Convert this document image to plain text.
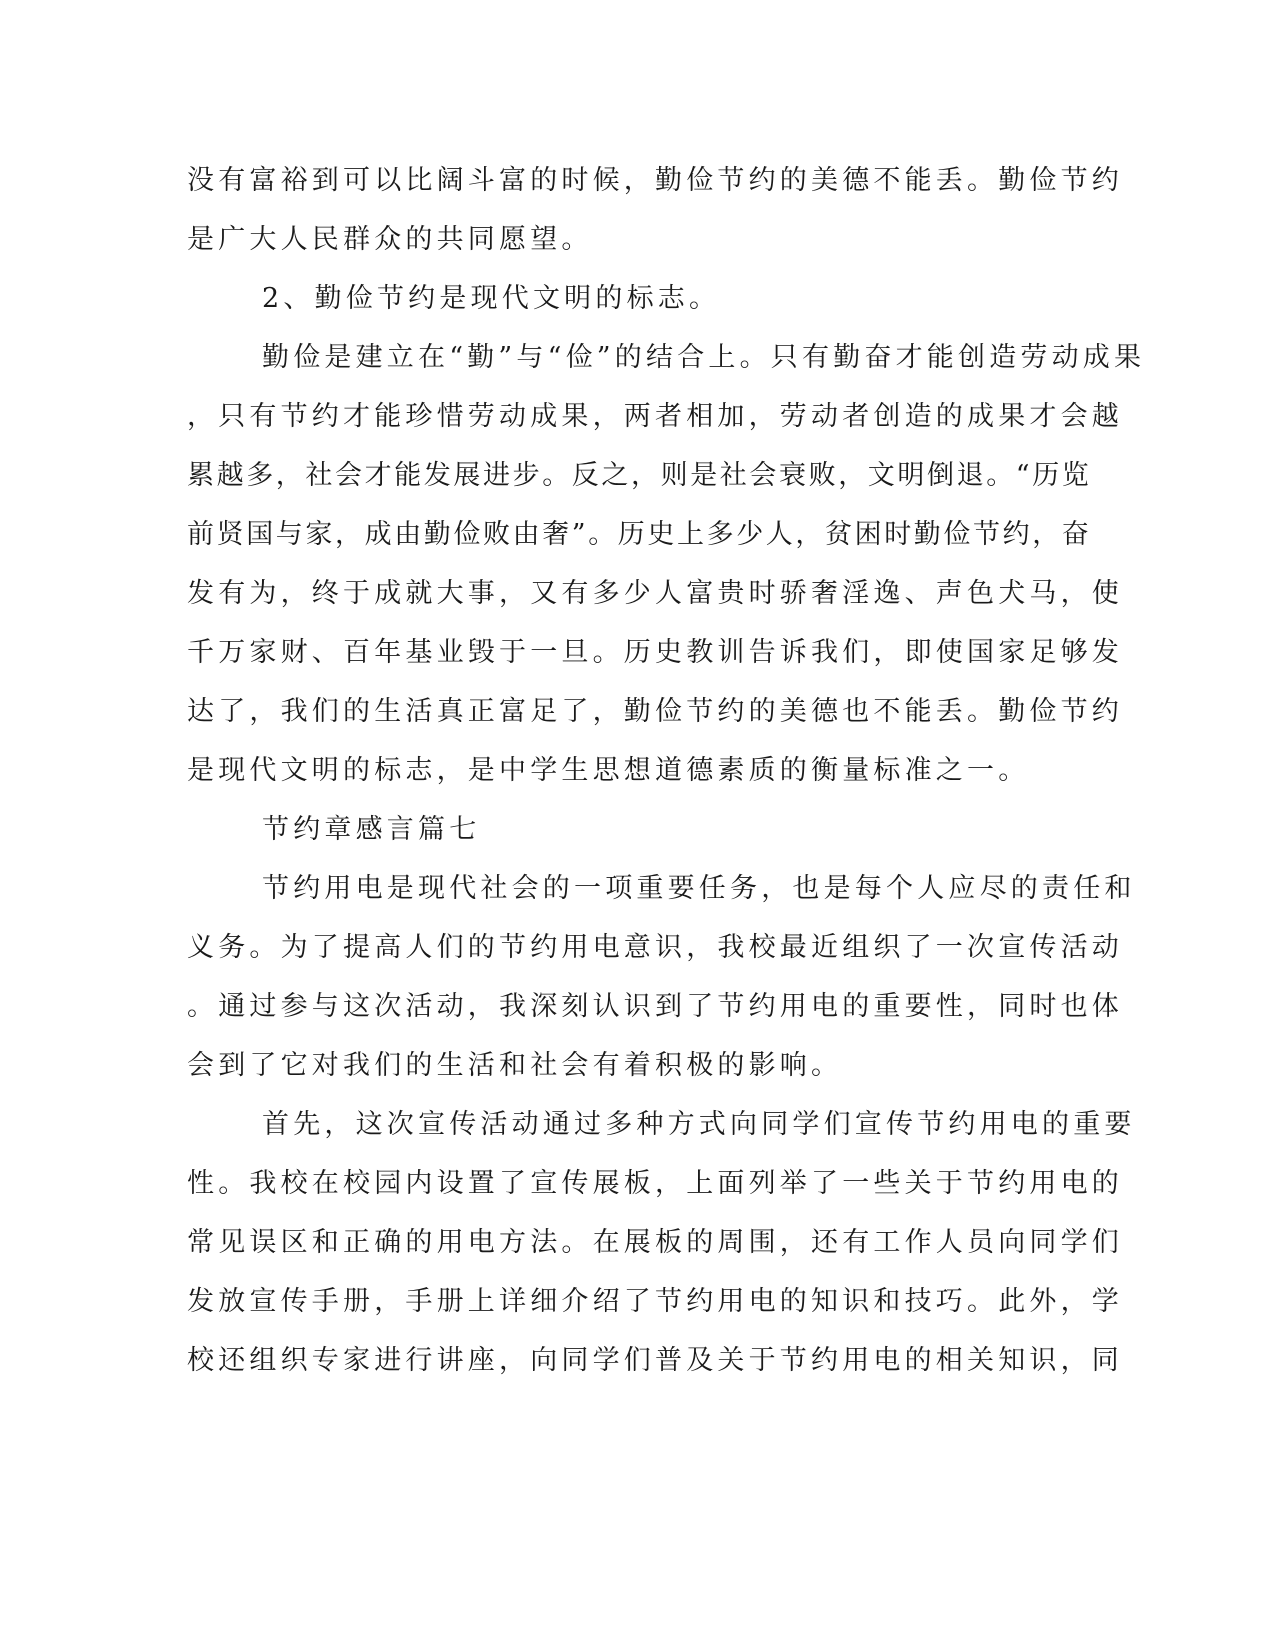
没有富裕到可以比阔斗富的时候，勤俭节约的美德不能丢。勤俭节约
是广大人民群众的共同愿望。
2、勤俭节约是现代文明的标志。
勤俭是建立在“勤”与“俭”的结合上。只有勤奋才能创造劳动成果
，只有节约才能珍惜劳动成果，两者相加，劳动者创造的成果才会越
累越多，社会才能发展进步。反之，则是社会衰败，文明倒退。“历览
前贤国与家，成由勤俭败由奢”。历史上多少人，贫困时勤俭节约，奋
发有为，终于成就大事，又有多少人富贵时骄奢淫逸、声色犬马，使
千万家财、百年基业毁于一旦。历史教训告诉我们，即使国家足够发
达了，我们的生活真正富足了，勤俭节约的美德也不能丢。勤俭节约
是现代文明的标志，是中学生思想道德素质的衡量标准之一。
节约章感言篇七
节约用电是现代社会的一项重要任务，也是每个人应尽的责任和
义务。为了提高人们的节约用电意识，我校最近组织了一次宣传活动
。通过参与这次活动，我深刻认识到了节约用电的重要性，同时也体
会到了它对我们的生活和社会有着积极的影响。
首先，这次宣传活动通过多种方式向同学们宣传节约用电的重要
性。我校在校园内设置了宣传展板，上面列举了一些关于节约用电的
常见误区和正确的用电方法。在展板的周围，还有工作人员向同学们
发放宣传手册，手册上详细介绍了节约用电的知识和技巧。此外，学
校还组织专家进行讲座，向同学们普及关于节约用电的相关知识，同
